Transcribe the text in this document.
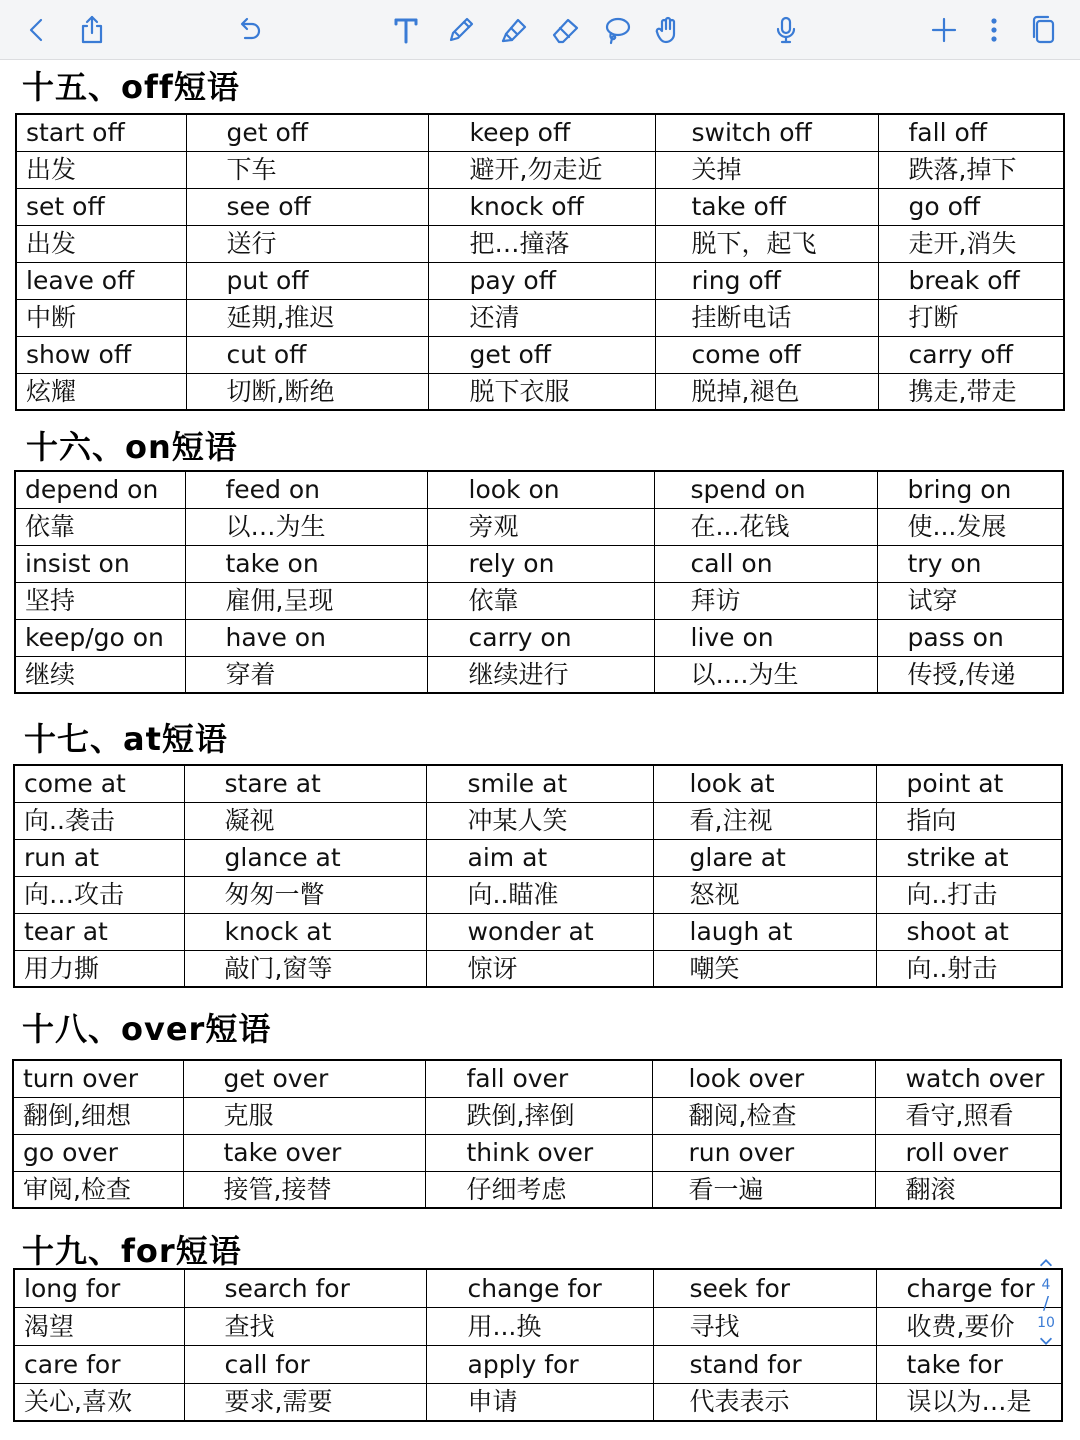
十五、off短语
start off	get off	keep off	switch off	fall off
出发	下车	避开,勿走近	关掉	跌落,掉下
set off	see off	knock off	take off	go off
出发	送行	把…撞落	脱下，起飞	走开,消失
leave off	put off	pay off	ring off	break off
中断	延期,推迟	还清	挂断电话	打断
show off	cut off	get off	come off	carry off
炫耀	切断,断绝	脱下衣服	脱掉,褪色	携走,带走
十六、on短语
depend on	feed on	look on	spend on	bring on
依靠	以…为生	旁观	在...花钱	使...发展
insist on	take on	rely on	call on	try on
坚持	雇佣,呈现	依靠	拜访	试穿
keep/go on	have on	carry on	live on	pass on
继续	穿着	继续进行	以….为生	传授,传递
十七、at短语
come at	stare at	smile at	look at	point at
向..袭击	凝视	冲某人笑	看,注视	指向
run at	glance at	aim at	glare at	strike at
向…攻击	匆匆一瞥	向..瞄准	怒视	向..打击
tear at	knock at	wonder at	laugh at	shoot at
用力撕	敲门,窗等	惊讶	嘲笑	向..射击
十八、over短语
turn over	get over	fall over	look over	watch over
翻倒,细想	克服	跌倒,摔倒	翻阅,检查	看守,照看
go over	take over	think over	run over	roll over
审阅,检查	接管,接替	仔细考虑	看一遍	翻滚
十九、for短语
long for	search for	change for	seek for	charge for
渴望	查找	用...换	寻找	收费,要价
care for	call for	apply for	stand for	take for
关心,喜欢	要求,需要	申请	代表表示	误以为…是
4
/
10
